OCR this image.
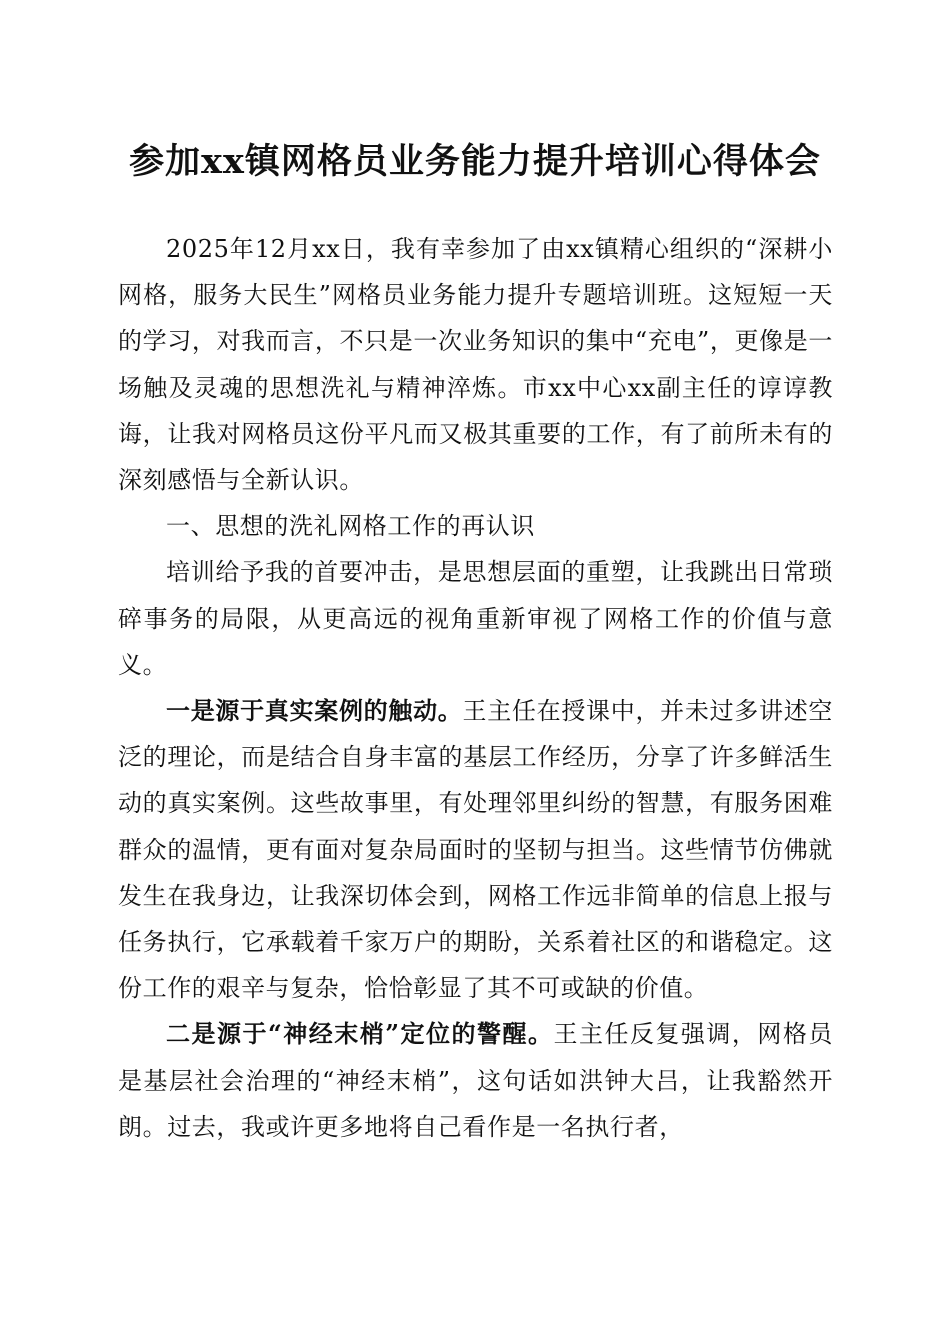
参加xx镇网格员业务能力提升培训心得体会

2025年12月xx日，我有幸参加了由xx镇精心组织的“深耕小网格，服务大民生”网格员业务能力提升专题培训班。这短短一天的学习，对我而言，不只是一次业务知识的集中“充电”，更像是一场触及灵魂的思想洗礼与精神淬炼。市xx中心xx副主任的谆谆教诲，让我对网格员这份平凡而又极其重要的工作，有了前所未有的深刻感悟与全新认识。

一、思想的洗礼网格工作的再认识

培训给予我的首要冲击，是思想层面的重塑，让我跳出日常琐碎事务的局限，从更高远的视角重新审视了网格工作的价值与意义。

一是源于真实案例的触动。王主任在授课中，并未过多讲述空泛的理论，而是结合自身丰富的基层工作经历，分享了许多鲜活生动的真实案例。这些故事里，有处理邻里纠纷的智慧，有服务困难群众的温情，更有面对复杂局面时的坚韧与担当。这些情节仿佛就发生在我身边，让我深切体会到，网格工作远非简单的信息上报与任务执行，它承载着千家万户的期盼，关系着社区的和谐稳定。这份工作的艰辛与复杂，恰恰彰显了其不可或缺的价值。

二是源于“神经末梢”定位的警醒。王主任反复强调，网格员是基层社会治理的“神经末梢”，这句话如洪钟大吕，让我豁然开朗。过去，我或许更多地将自己看作是一名执行者，
